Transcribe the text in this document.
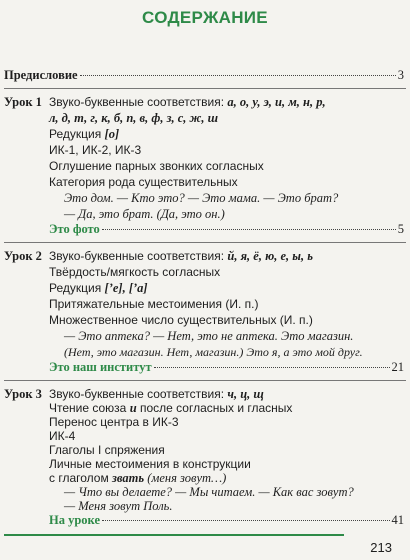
СОДЕРЖАНИЕ
Предисловие	3
Урок 1 Звуко-буквенные соответствия: а, о, у, э, и, м, н, р,
л, д, т, г, к, б, п, в, ф, з, с, ж, ш
Редукция [о]
ИК-1, ИК-2, ИК-3
Оглушение парных звонких согласных
Категория рода существительных
Это дом. — Кто это? — Это мама. — Это брат?
— Да, это брат. (Да, это он.)
Это фото	5
Урок 2 Звуко-буквенные соответствия: й, я, ё, ю, е, ы, ь
Твёрдость/мягкость согласных
Редукция [ʼе], [ʼа]
Притяжательные местоимения (И. п.)
Множественное число существительных (И. п.)
— Это аптека? — Нет, это не аптека. Это магазин.
(Нет, это магазин. Нет, магазин.) Это я, а это мой друг.
Это наш институт	21
Урок 3 Звуко-буквенные соответствия: ч, ц, щ
Чтение союза и после согласных и гласных
Перенос центра в ИК-3
ИК-4
Глаголы I спряжения
Личные местоимения в конструкции
с глаголом звать (меня зовут…)
— Что вы делаете? — Мы читаем. — Как вас зовут?
— Меня зовут Поль.
213
На уроке	41
